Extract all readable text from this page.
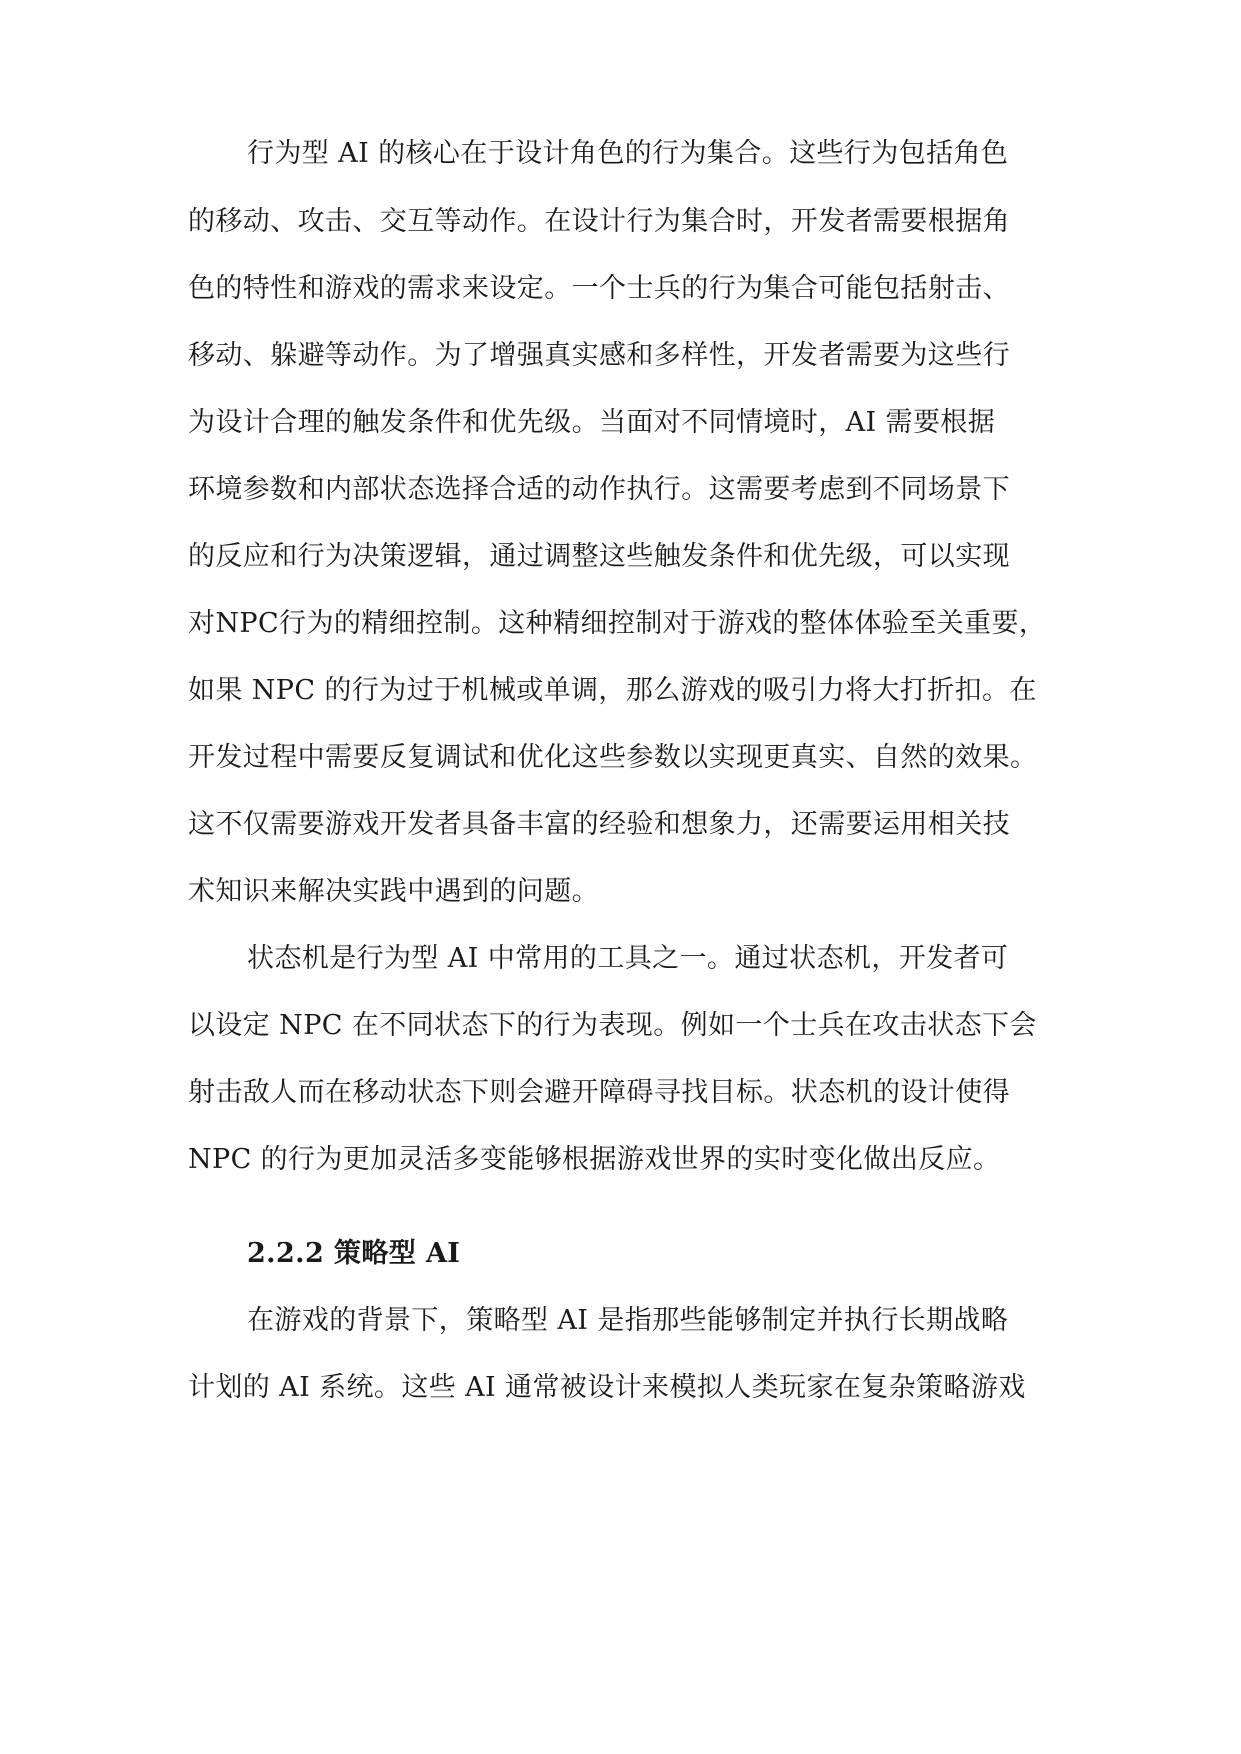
行为型 AI 的核心在于设计角色的行为集合。这些行为包括角色
的移动、攻击、交互等动作。在设计行为集合时，开发者需要根据角
色的特性和游戏的需求来设定。一个士兵的行为集合可能包括射击、
移动、躲避等动作。为了增强真实感和多样性，开发者需要为这些行
为设计合理的触发条件和优先级。当面对不同情境时，AI 需要根据
环境参数和内部状态选择合适的动作执行。这需要考虑到不同场景下
的反应和行为决策逻辑，通过调整这些触发条件和优先级，可以实现
对NPC行为的精细控制。这种精细控制对于游戏的整体体验至关重要，
如果 NPC 的行为过于机械或单调，那么游戏的吸引力将大打折扣。在
开发过程中需要反复调试和优化这些参数以实现更真实、自然的效果。
这不仅需要游戏开发者具备丰富的经验和想象力，还需要运用相关技
术知识来解决实践中遇到的问题。
状态机是行为型 AI 中常用的工具之一。通过状态机，开发者可
以设定 NPC 在不同状态下的行为表现。例如一个士兵在攻击状态下会
射击敌人而在移动状态下则会避开障碍寻找目标。状态机的设计使得
NPC 的行为更加灵活多变能够根据游戏世界的实时变化做出反应。
2.2.2 策略型 AI
在游戏的背景下，策略型 AI 是指那些能够制定并执行长期战略
计划的 AI 系统。这些 AI 通常被设计来模拟人类玩家在复杂策略游戏
